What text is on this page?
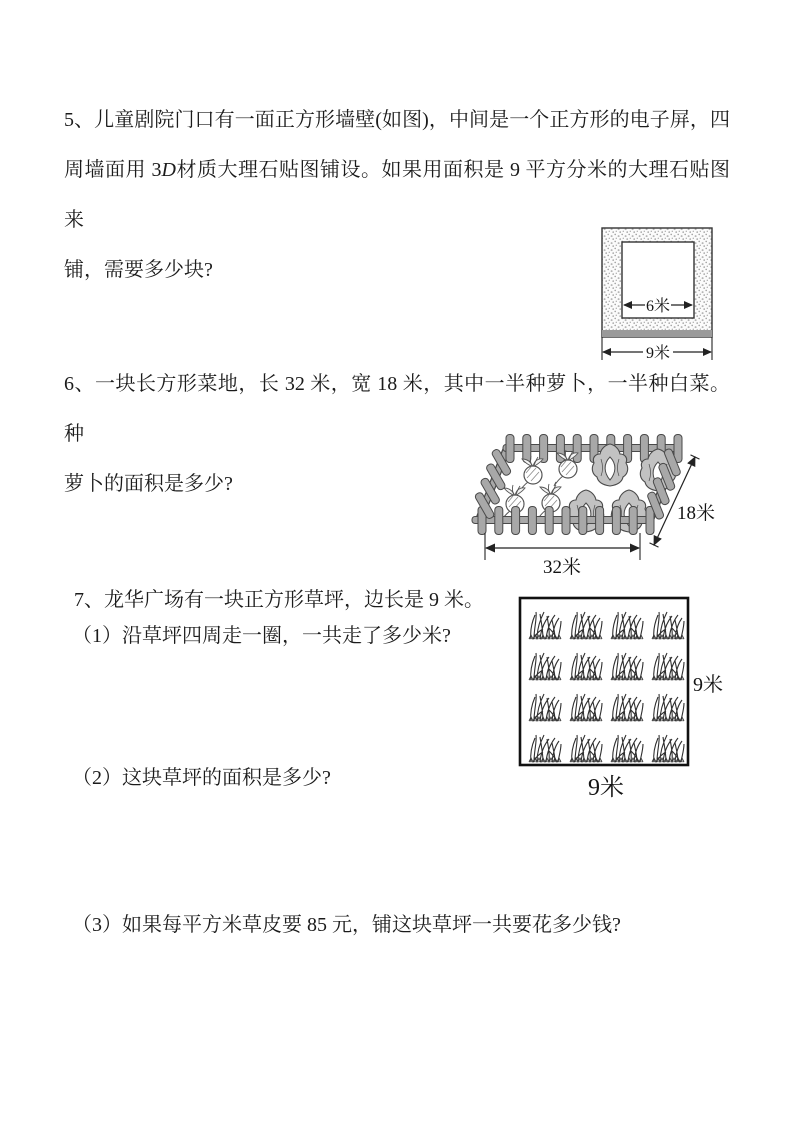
5、儿童剧院门口有一面正方形墙壁(如图)，中间是一个正方形的电子屏，四
周墙面用 3D材质大理石贴图铺设。如果用面积是 9 平方分米的大理石贴图来
铺，需要多少块?
6米
9米
6、一块长方形菜地，长 32 米，宽 18 米，其中一半种萝卜，一半种白菜。种
萝卜的面积是多少?
18米
32米
7、龙华广场有一块正方形草坪，边长是 9 米。
（1）沿草坪四周走一圈，一共走了多少米?
（2）这块草坪的面积是多少?
（3）如果每平方米草皮要 85 元，铺这块草坪一共要花多少钱?
9米
9米
